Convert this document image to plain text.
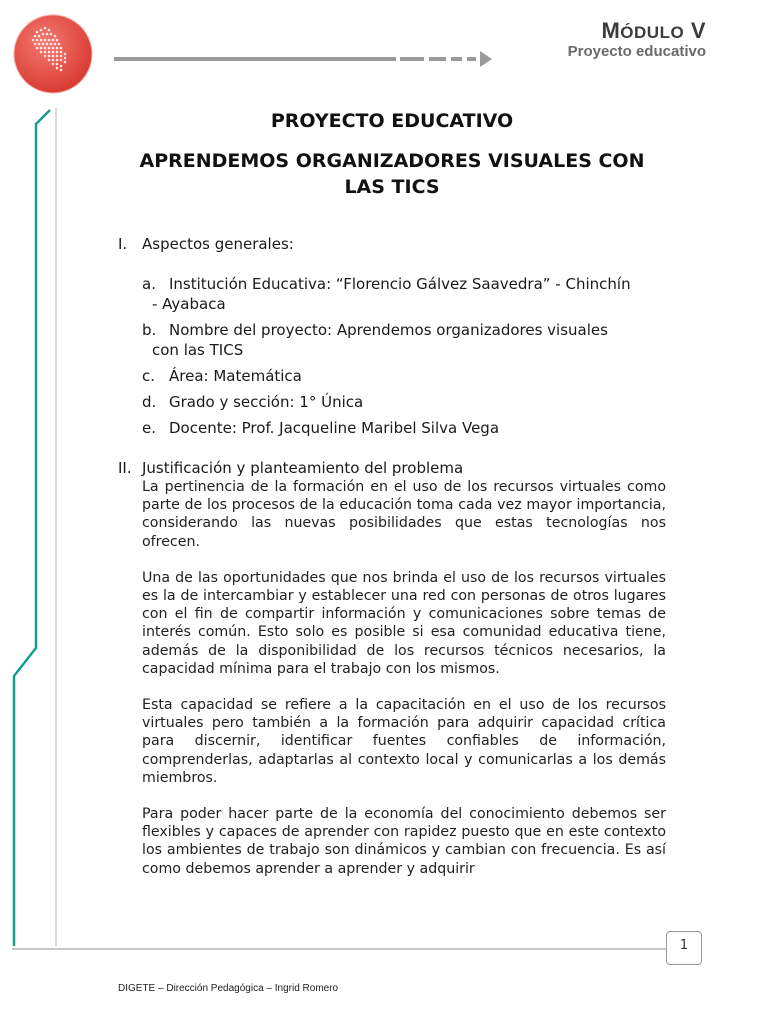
MÓDULO V
Proyecto educativo
1
DIGETE – Dirección Pedagógica – Ingrid Romero
PROYECTO EDUCATIVO
APRENDEMOS ORGANIZADORES VISUALES CON
LAS TICS
I. Aspectos generales:
a. Institución Educativa: “Florencio Gálvez Saavedra” - Chinchín
- Ayabaca
b. Nombre del proyecto: Aprendemos organizadores visuales
con las TICS
c. Área: Matemática
d. Grado y sección: 1° Única
e. Docente: Prof. Jacqueline Maribel Silva Vega
II. Justificación y planteamiento del problema

La pertinencia de la formación en el uso de los recursos virtuales como parte de los procesos de la educación toma cada vez mayor importancia, considerando las nuevas posibilidades que estas tecnologías nos ofrecen.

Una de las oportunidades que nos brinda el uso de los recursos virtuales es la de intercambiar y establecer una red con personas de otros lugares con el fin de compartir información y comunicaciones sobre temas de interés común. Esto solo es posible si esa comunidad educativa tiene, además de la disponibilidad de los recursos técnicos necesarios, la capacidad mínima para el trabajo con los mismos.

Esta capacidad se refiere a la capacitación en el uso de los recursos virtuales pero también a la formación para adquirir capacidad crítica para discernir, identificar fuentes confiables de información, comprenderlas, adaptarlas al contexto local y comunicarlas a los demás miembros.

Para poder hacer parte de la economía del conocimiento debemos ser flexibles y capaces de aprender con rapidez puesto que en este contexto los ambientes de trabajo son dinámicos y cambian con frecuencia. Es así como debemos aprender a aprender y adquirir
